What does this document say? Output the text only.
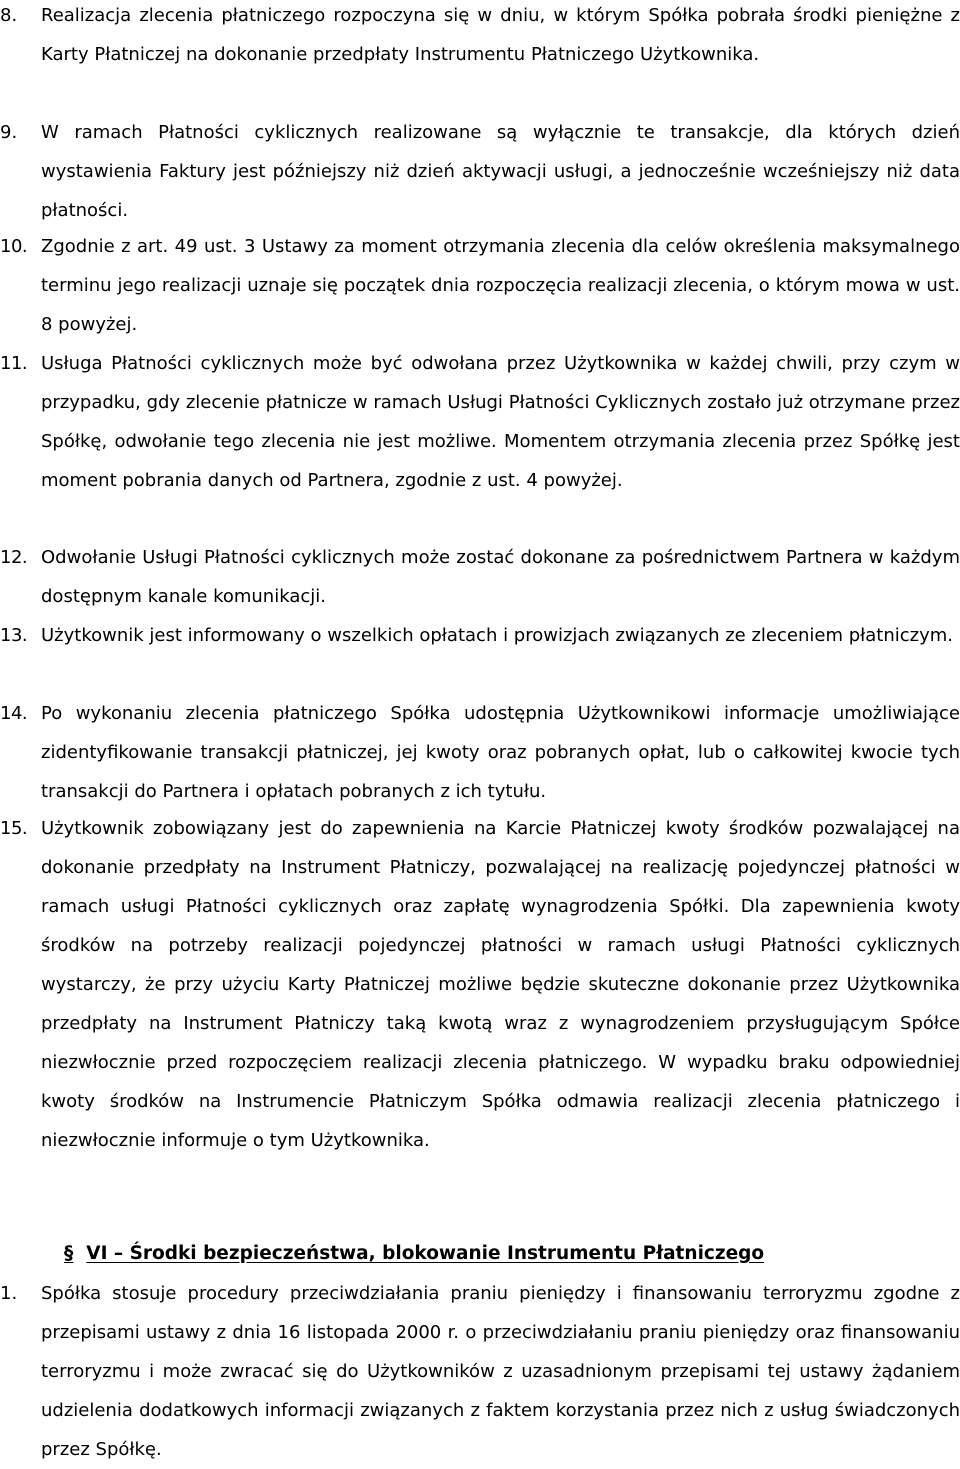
8.	Realizacja zlecenia płatniczego rozpoczyna się w dniu, w którym Spółka pobrała środki pieniężne z Karty Płatniczej na dokonanie przedpłaty Instrumentu Płatniczego Użytkownika.
9.	W ramach Płatności cyklicznych realizowane są wyłącznie te transakcje, dla których dzień wystawienia Faktury jest późniejszy niż dzień aktywacji usługi, a jednocześnie wcześniejszy niż data płatności.
10. Zgodnie z art. 49 ust. 3 Ustawy za moment otrzymania zlecenia dla celów określenia maksymalnego terminu jego realizacji uznaje się początek dnia rozpoczęcia realizacji zlecenia, o którym mowa w ust. 8 powyżej.
11. Usługa Płatności cyklicznych może być odwołana przez Użytkownika w każdej chwili, przy czym w przypadku, gdy zlecenie płatnicze w ramach Usługi Płatności Cyklicznych zostało już otrzymane przez Spółkę, odwołanie tego zlecenia nie jest możliwe. Momentem otrzymania zlecenia przez Spółkę jest moment pobrania danych od Partnera, zgodnie z ust. 4 powyżej.
12. Odwołanie Usługi Płatności cyklicznych może zostać dokonane za pośrednictwem Partnera w każdym dostępnym kanale komunikacji.
13. Użytkownik jest informowany o wszelkich opłatach i prowizjach związanych ze zleceniem płatniczym.
14. Po wykonaniu zlecenia płatniczego Spółka udostępnia Użytkownikowi informacje umożliwiające zidentyfikowanie transakcji płatniczej, jej kwoty oraz pobranych opłat, lub o całkowitej kwocie tych transakcji do Partnera i opłatach pobranych z ich tytułu.
15. Użytkownik zobowiązany jest do zapewnienia na Karcie Płatniczej kwoty środków pozwalającej na dokonanie przedpłaty na Instrument Płatniczy, pozwalającej na realizację pojedynczej płatności w ramach usługi Płatności cyklicznych oraz zapłatę wynagrodzenia Spółki. Dla zapewnienia kwoty środków na potrzeby realizacji pojedynczej płatności w ramach usługi Płatności cyklicznych wystarczy, że przy użyciu Karty Płatniczej możliwe będzie skuteczne dokonanie przez Użytkownika przedpłaty na Instrument Płatniczy taką kwotą wraz z wynagrodzeniem przysługującym Spółce niezwłocznie przed rozpoczęciem realizacji zlecenia płatniczego. W wypadku braku odpowiedniej kwoty środków na Instrumencie Płatniczym Spółka odmawia realizacji zlecenia płatniczego i niezwłocznie informuje o tym Użytkownika.
§ VI – Środki bezpieczeństwa, blokowanie Instrumentu Płatniczego
1.	Spółka stosuje procedury przeciwdziałania praniu pieniędzy i finansowaniu terroryzmu zgodne z przepisami ustawy z dnia 16 listopada 2000 r. o przeciwdziałaniu praniu pieniędzy oraz finansowaniu terroryzmu i może zwracać się do Użytkowników z uzasadnionym przepisami tej ustawy żądaniem udzielenia dodatkowych informacji związanych z faktem korzystania przez nich z usług świadczonych przez Spółkę.
